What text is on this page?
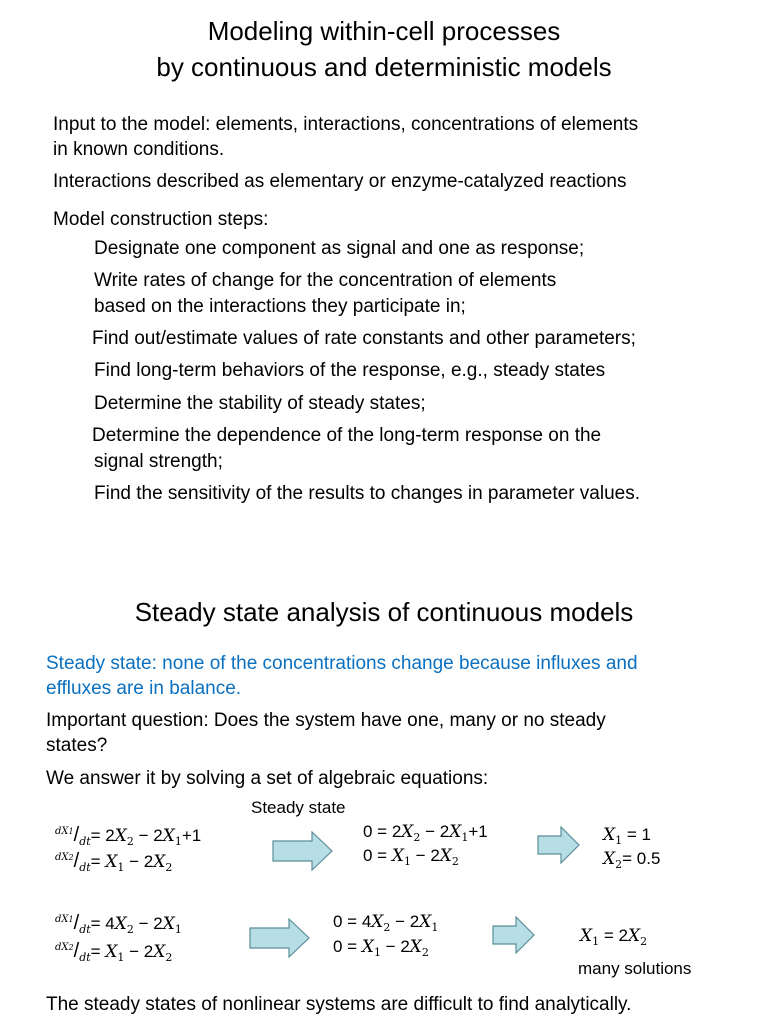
Modeling within-cell processes
by continuous and deterministic models
Input to the model: elements, interactions, concentrations of elements
in known conditions.
Interactions described as elementary or enzyme-catalyzed reactions
Model construction steps:
Designate one component as signal and one as response;
Write rates of change for the concentration of elements
based on the interactions they participate in;
Find out/estimate values of rate constants and other parameters;
Find long-term behaviors of the response, e.g., steady states
Determine the stability of steady states;
Determine the dependence of the long-term response on the
signal strength;
Find the sensitivity of the results to changes in parameter values.
Steady state analysis of continuous models
Steady state: none of the concentrations change because influxes and
effluxes are in balance.
Important question: Does the system have one, many or no steady
states?
We answer it by solving a set of algebraic equations:
Steady state
$^{dX1}/_{dt}= 2X_2 - 2X_1+1$
$^{dX2}/_{dt}= X_1 - 2X_2$
$0 = 2X_2 - 2X_1+1$
$0 = X_1 - 2X_2$
$X_1 = 1$
$X_2= 0.5$
$^{dX1}/_{dt}= 4X_2 - 2X_1$
$^{dX2}/_{dt}= X_1 - 2X_2$
$0 = 4X_2 - 2X_1$
$0 = X_1 - 2X_2$
$X_1 = 2X_2$
many solutions
The steady states of nonlinear systems are difficult to find analytically.
